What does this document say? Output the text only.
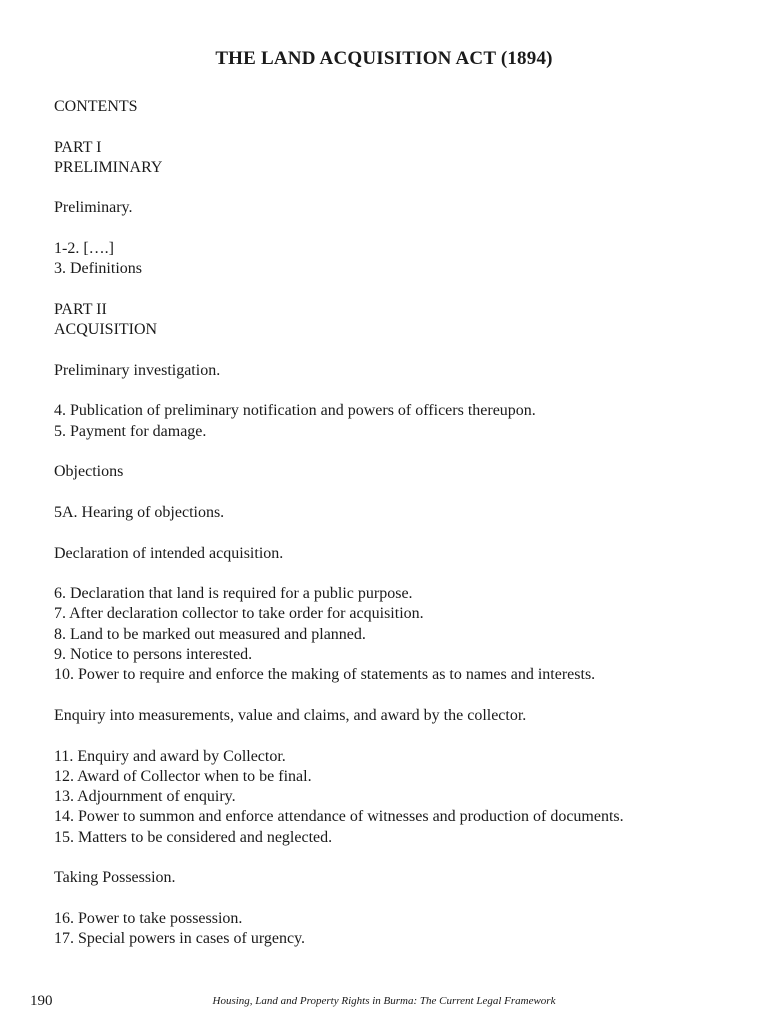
THE LAND ACQUISITION ACT (1894)
CONTENTS
PART I
PRELIMINARY
Preliminary.
1-2. [….]
3. Definitions
PART II
ACQUISITION
Preliminary investigation.
4. Publication of preliminary notification and powers of officers thereupon.
5. Payment for damage.
Objections
5A. Hearing of objections.
Declaration of intended acquisition.
6. Declaration that land is required for a public purpose.
7. After declaration collector to take order for acquisition.
8. Land to be marked out measured and planned.
9. Notice to persons interested.
10. Power to require and enforce the making of statements as to names and interests.
Enquiry into measurements, value and claims, and award by the collector.
11. Enquiry and award by Collector.
12. Award of Collector when to be final.
13. Adjournment of enquiry.
14. Power to summon and enforce attendance of witnesses and production of documents.
15. Matters to be considered and neglected.
Taking Possession.
16. Power to take possession.
17. Special powers in cases of urgency.
190	Housing, Land and Property Rights in Burma: The Current Legal Framework
